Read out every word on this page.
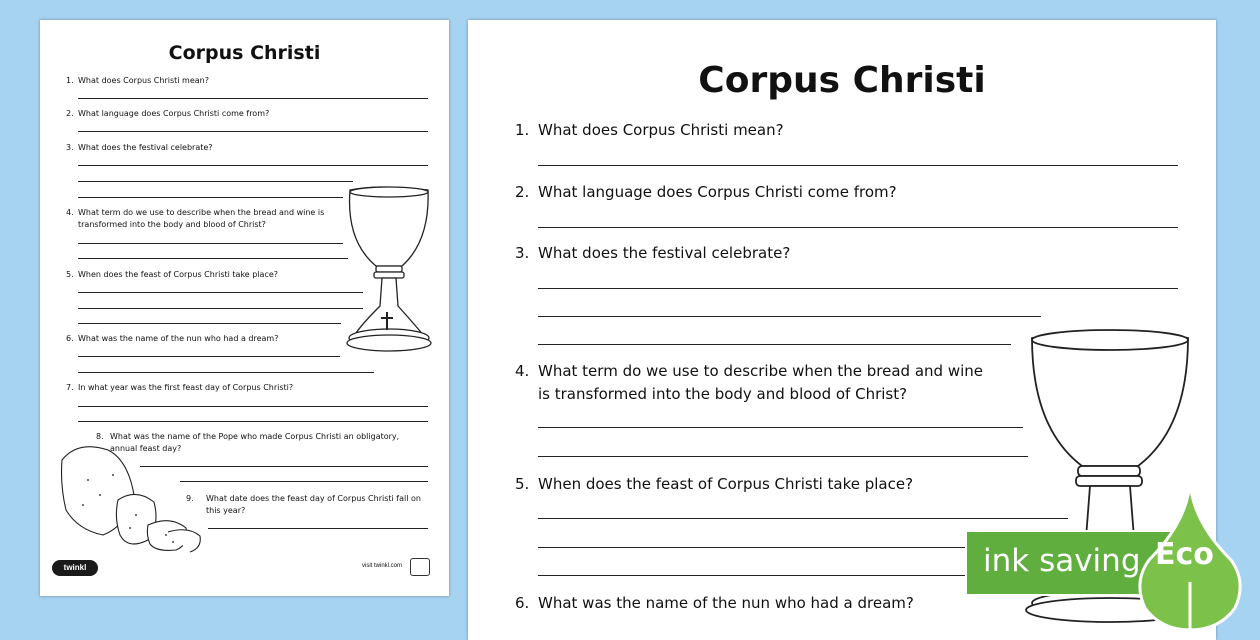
Corpus Christi
1. What does Corpus Christi mean?
2. What language does Corpus Christi come from?
3. What does the festival celebrate?
4. What term do we use to describe when the bread and wine is transformed into the body and blood of Christ?
5. When does the feast of Corpus Christi take place?
6. What was the name of the nun who had a dream?
7. In what year was the first feast day of Corpus Christi?
8. What was the name of the Pope who made Corpus Christi an obligatory, annual feast day?
9. What date does the feast day of Corpus Christi fall on this year?
twinkl	visit twinkl.com
Corpus Christi
1. What does Corpus Christi mean?
2. What language does Corpus Christi come from?
3. What does the festival celebrate?
4. What term do we use to describe when the bread and wine is transformed into the body and blood of Christ?
5. When does the feast of Corpus Christi take place?
6. What was the name of the nun who had a dream?
ink saving Eco
